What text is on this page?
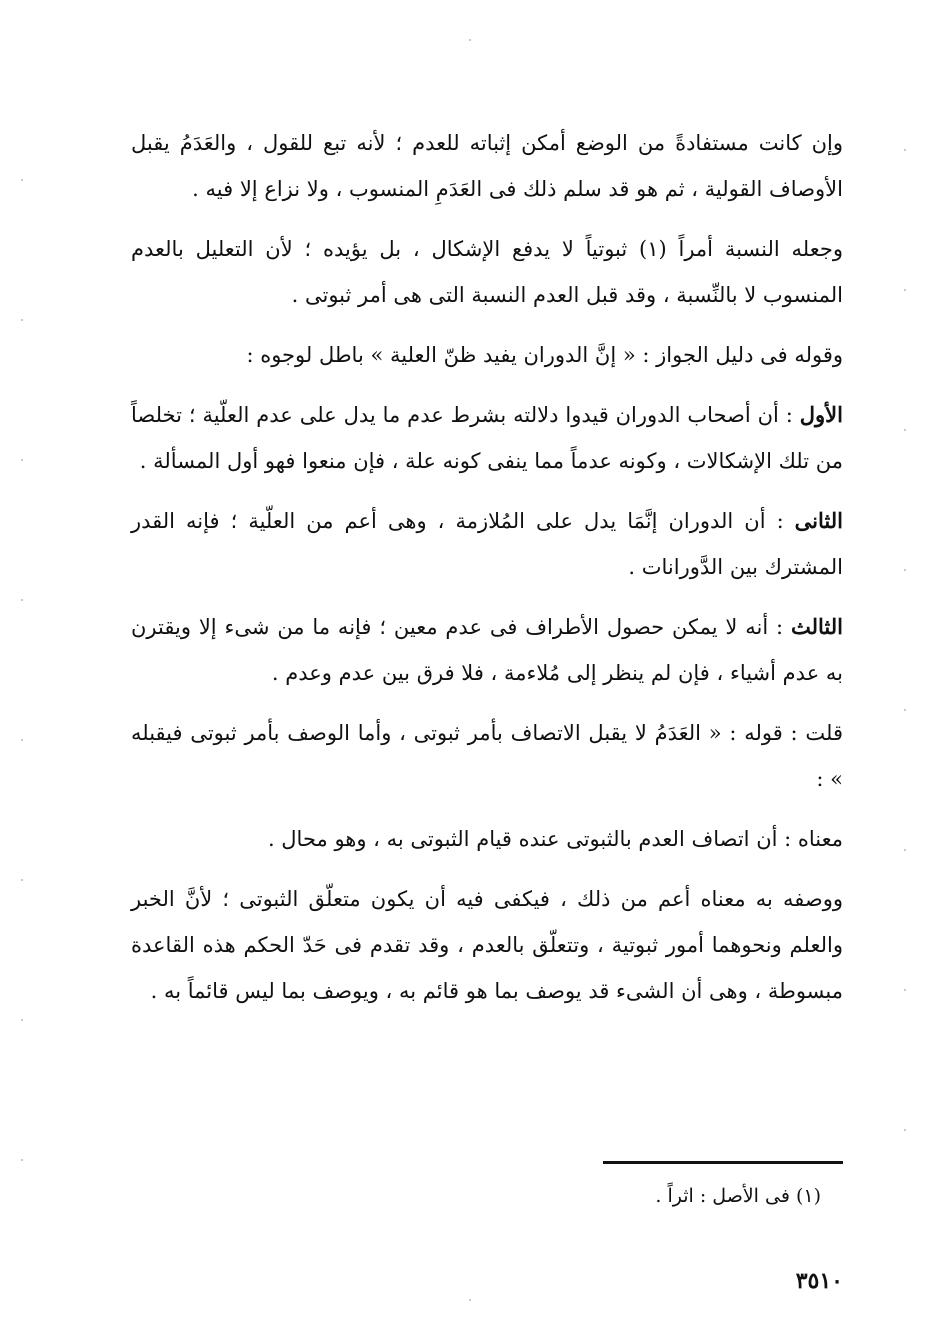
وإن كانت مستفادةً من الوضع أمكن إثباته للعدم ؛ لأنه تبع للقول ، والعَدَمُ يقبل الأوصاف القولية ، ثم هو قد سلم ذلك فى العَدَمِ المنسوب ، ولا نزاع إلا فيه .

وجعله النسبة أمراً (١) ثبوتياً لا يدفع الإشكال ، بل يؤيده ؛ لأن التعليل بالعدم المنسوب لا بالنِّسبة ، وقد قبل العدم النسبة التى هى أمر ثبوتى .

وقوله فى دليل الجواز : « إنَّ الدوران يفيد ظنّ العلية » باطل لوجوه :

الأول : أن أصحاب الدوران قيدوا دلالته بشرط عدم ما يدل على عدم العلّية ؛ تخلصاً من تلك الإشكالات ، وكونه عدماً مما ينفى كونه علة ، فإن منعوا فهو أول المسألة .

الثانى : أن الدوران إنَّمَا يدل على المُلازمة ، وهى أعم من العلّية ؛ فإنه القدر المشترك بين الدَّورانات .

الثالث : أنه لا يمكن حصول الأطراف فى عدم معين ؛ فإنه ما من شىء إلا ويقترن به عدم أشياء ، فإن لم ينظر إلى مُلاءمة ، فلا فرق بين عدم وعدم .

قلت : قوله : « العَدَمُ لا يقبل الاتصاف بأمر ثبوتى ، وأما الوصف بأمر ثبوتى فيقبله » :

معناه : أن اتصاف العدم بالثبوتى عنده قيام الثبوتى به ، وهو محال .

ووصفه به معناه أعم من ذلك ، فيكفى فيه أن يكون متعلّق الثبوتى ؛ لأنَّ الخبر والعلم ونحوهما أمور ثبوتية ، وتتعلّق بالعدم ، وقد تقدم فى حَدّ الحكم هذه القاعدة مبسوطة ، وهى أن الشىء قد يوصف بما هو قائم به ، ويوصف بما ليس قائماً به .

(١) فى الأصل : اثراً .
٣٥١٠
